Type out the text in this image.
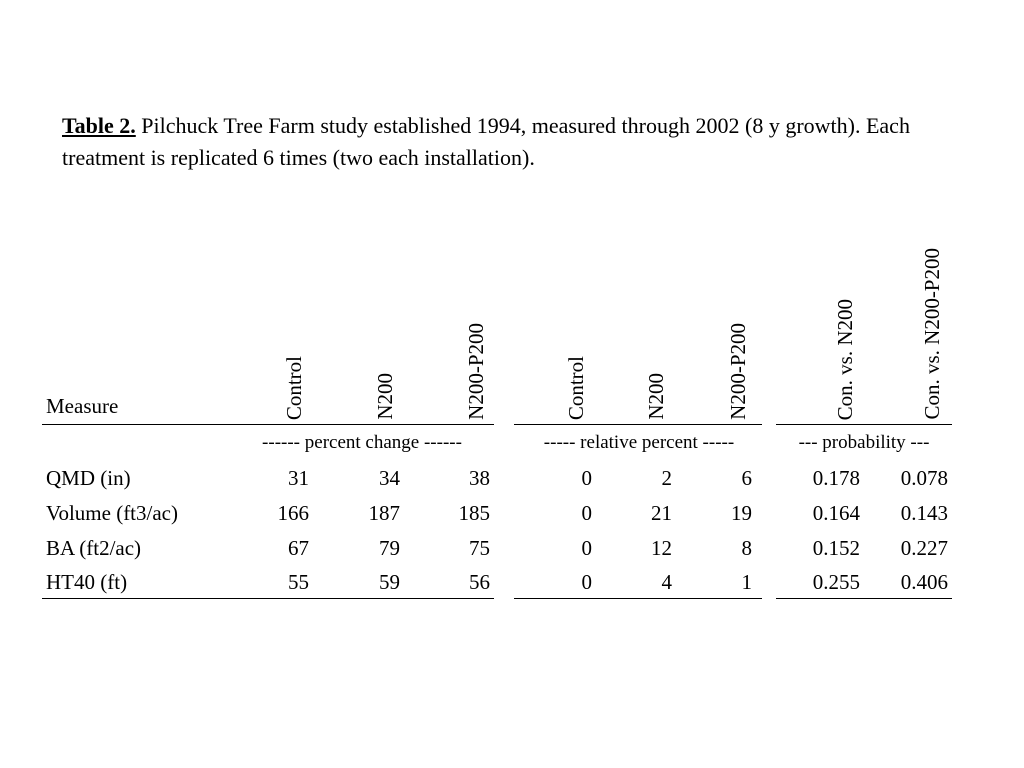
Table 2. Pilchuck Tree Farm study established 1994, measured through 2002 (8 y growth). Each treatment is replicated 6 times (two each installation).
Measure	Control	N200	N200-P200	Control	N200	N200-P200	Con. vs. N200	Con. vs. N200-P200
------ percent change ------	----- relative percent -----	--- probability ---
QMD (in)	31	34	38	0	2	6	0.178 0.078
Volume (ft3/ac)	166	187	185	0	21	19	0.164 0.143
BA (ft2/ac)	67	79	75	0	12	8	0.152 0.227
HT40 (ft)	55	59	56	0	4	1	0.255 0.406
